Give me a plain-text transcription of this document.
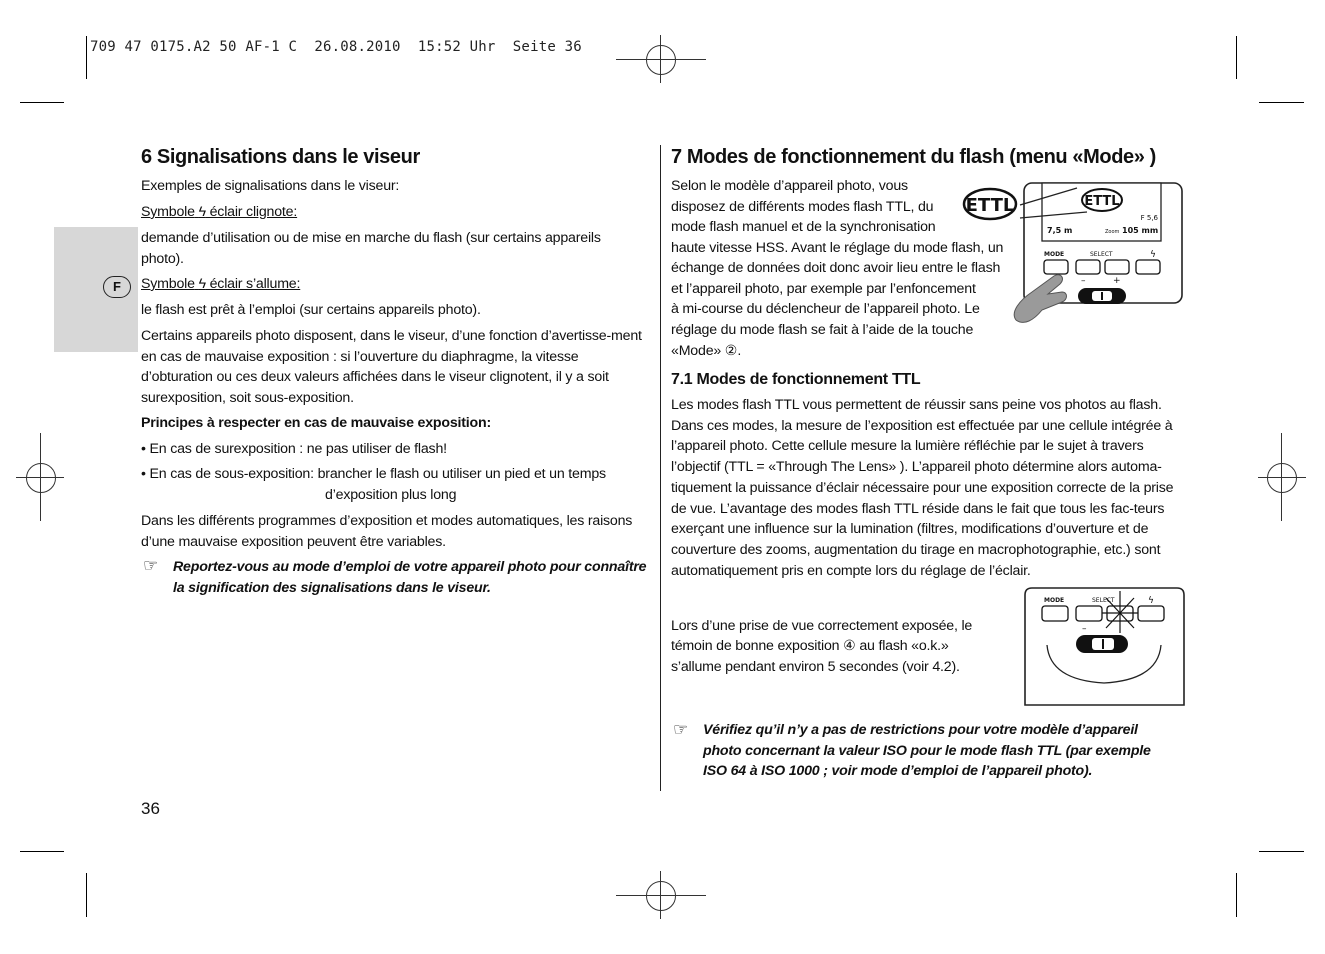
709 47 0175.A2 50 AF-1 C  26.08.2010  15:52 Uhr  Seite 36
F
6 Signalisations dans le viseur
Exemples de signalisations dans le viseur:
Symbole ϟ éclair clignote:
demande d’utilisation ou de mise en marche du flash (sur certains appareils photo).
Symbole ϟ éclair s’allume:
le flash est prêt à l’emploi (sur certains appareils photo).
Certains appareils photo disposent, dans le viseur, d’une fonction d’avertisse-ment en cas de mauvaise exposition : si l’ouverture du diaphragme, la vitesse d’obturation ou ces deux valeurs affichées dans le viseur clignotent, il y a soit surexposition, soit sous-exposition.
Principes à respecter en cas de mauvaise exposition:
• En cas de surexposition : ne pas utiliser de flash!
• En cas de sous-exposition: brancher le flash ou utiliser un pied et un temps
d’exposition plus long
Dans les différents programmes d’exposition et modes automatiques, les raisons d’une mauvaise exposition peuvent être variables.
☞ Reportez-vous au mode d’emploi de votre appareil photo pour connaître la signification des signalisations dans le viseur.
36
7 Modes de fonctionnement du flash (menu «Mode» )
Selon le modèle d’appareil photo, vous
disposez de différents modes flash TTL, du
mode flash manuel et de la synchronisation
haute vitesse HSS. Avant le réglage du mode flash, un
échange de données doit donc avoir lieu entre le flash
et l’appareil photo, par exemple par l’enfoncement
à mi-course du déclencheur de l’appareil photo. Le
réglage du mode flash se fait à l’aide de la touche
«Mode» ②.
ETTL	ETTL
F 5,6
7,5 m	Zoom 105 mm
MODE	SELECT	ϟ
–	+
7.1 Modes de fonctionnement TTL
Les modes flash TTL vous permettent de réussir sans peine vos photos au flash. Dans ces modes, la mesure de l’exposition est effectuée par une cellule intégrée à l’appareil photo. Cette cellule mesure la lumière réfléchie par le sujet à travers l’objectif (TTL = «Through The Lens» ). L’appareil photo détermine alors automa-tiquement la puissance d’éclair nécessaire pour une exposition correcte de la prise de vue. L’avantage des modes flash TTL réside dans le fait que tous les fac-teurs exerçant une influence sur la lumination (filtres, modifications d’ouverture et de couverture des zooms, augmentation du tirage en macrophotographie, etc.) sont automatiquement pris en compte lors du réglage de l’éclair.
Lors d’une prise de vue correctement exposée, le
témoin de bonne exposition ④ au flash «o.k.»
s’allume pendant environ 5 secondes (voir 4.2).
MODE	SELECT	ϟ
–
☞ Vérifiez qu’il n’y a pas de restrictions pour votre modèle d’appareil photo concernant la valeur ISO pour le mode flash TTL (par exemple ISO 64 à ISO 1000 ; voir mode d’emploi de l’appareil photo).
